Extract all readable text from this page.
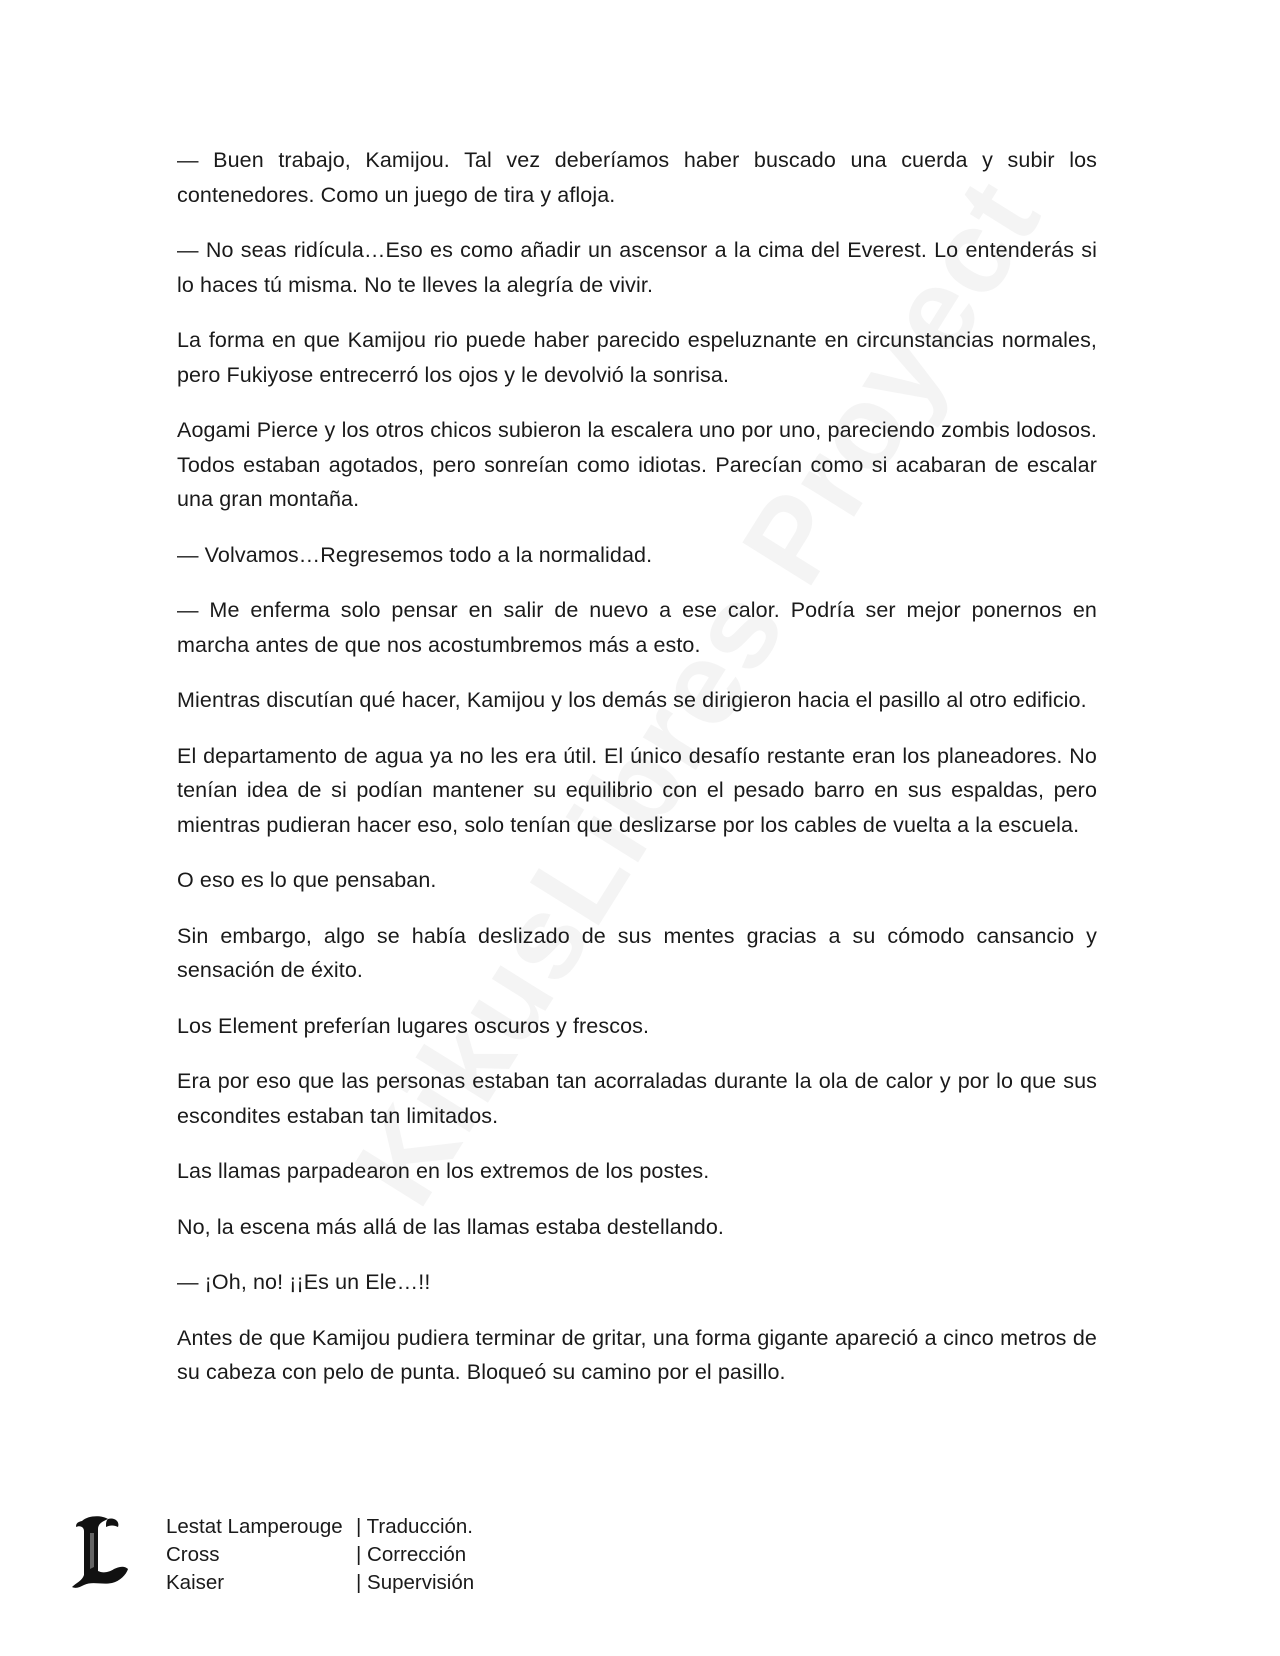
— Buen trabajo, Kamijou. Tal vez deberíamos haber buscado una cuerda y subir los contenedores. Como un juego de tira y afloja.

— No seas ridícula…Eso es como añadir un ascensor a la cima del Everest. Lo entenderás si lo haces tú misma. No te lleves la alegría de vivir.

La forma en que Kamijou rio puede haber parecido espeluznante en circunstancias normales, pero Fukiyose entrecerró los ojos y le devolvió la sonrisa.

Aogami Pierce y los otros chicos subieron la escalera uno por uno, pareciendo zombis lodosos. Todos estaban agotados, pero sonreían como idiotas. Parecían como si acabaran de escalar una gran montaña.

— Volvamos…Regresemos todo a la normalidad.

— Me enferma solo pensar en salir de nuevo a ese calor. Podría ser mejor ponernos en marcha antes de que nos acostumbremos más a esto.

Mientras discutían qué hacer, Kamijou y los demás se dirigieron hacia el pasillo al otro edificio.

El departamento de agua ya no les era útil. El único desafío restante eran los planeadores. No tenían idea de si podían mantener su equilibrio con el pesado barro en sus espaldas, pero mientras pudieran hacer eso, solo tenían que deslizarse por los cables de vuelta a la escuela.

O eso es lo que pensaban.

Sin embargo, algo se había deslizado de sus mentes gracias a su cómodo cansancio y sensación de éxito.

Los Element preferían lugares oscuros y frescos.

Era por eso que las personas estaban tan acorraladas durante la ola de calor y por lo que sus escondites estaban tan limitados.

Las llamas parpadearon en los extremos de los postes.

No, la escena más allá de las llamas estaba destellando.

— ¡Oh, no! ¡¡Es un Ele…!!

Antes de que Kamijou pudiera terminar de gritar, una forma gigante apareció a cinco metros de su cabeza con pelo de punta. Bloqueó su camino por el pasillo.

Lestat Lamperouge | Traducción.
Cross	| Corrección
Kaiser	| Supervisión
